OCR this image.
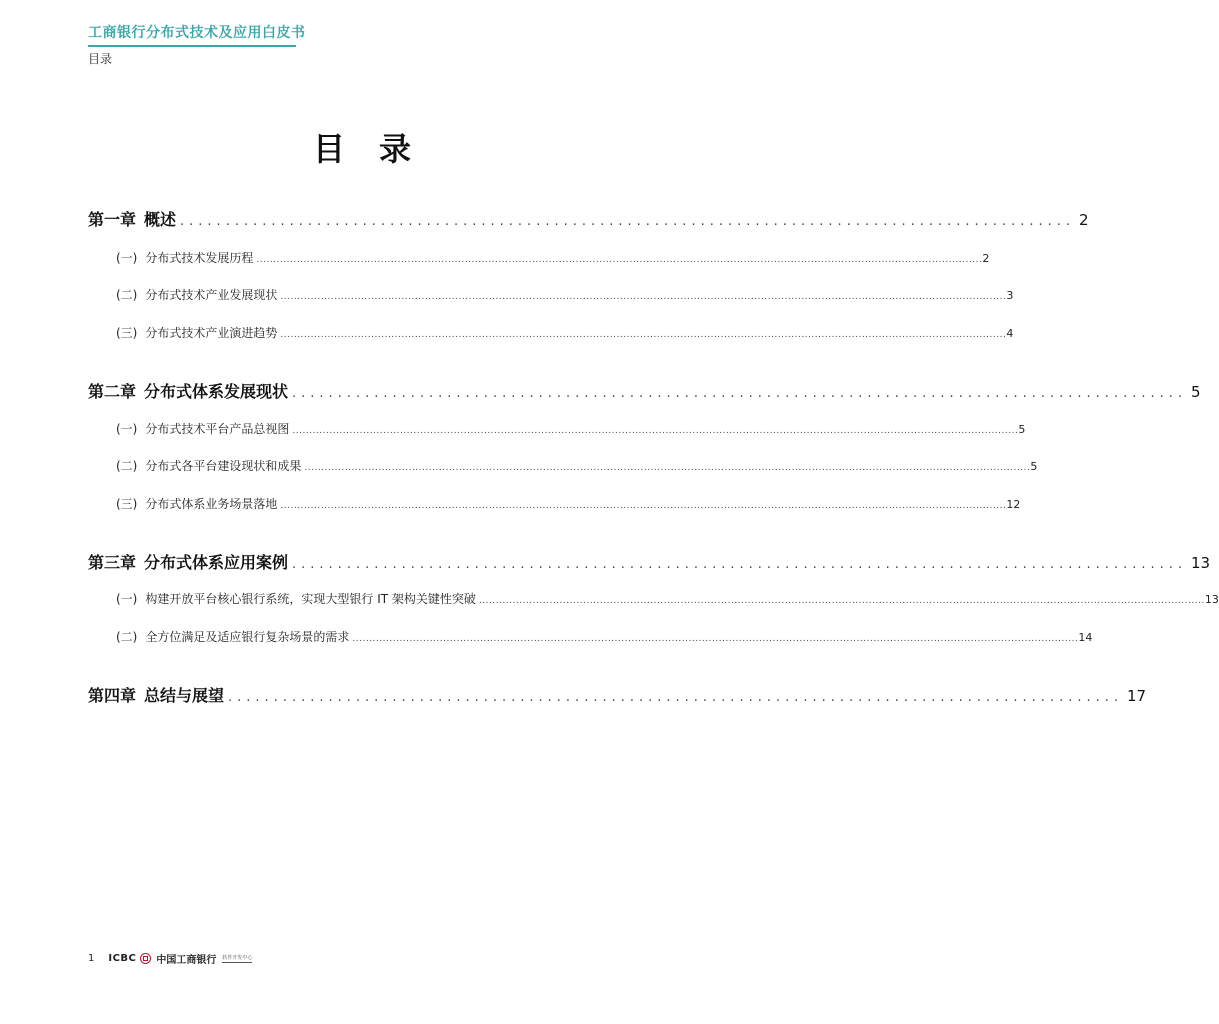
工商银行分布式技术及应用白皮书
目录
目录
第一章 概述 .................................................................................................. 2
(一) 分布式技术发展历程 ........................................................................................................................................................................................................................ 2
(二) 分布式技术产业发展现状 ........................................................................................................................................................................................................................ 3
(三) 分布式技术产业演进趋势 ........................................................................................................................................................................................................................ 4
第二章 分布式体系发展现状 .................................................................................................. 5
(一) 分布式技术平台产品总视图 ........................................................................................................................................................................................................................ 5
(二) 分布式各平台建设现状和成果 ........................................................................................................................................................................................................................ 5
(三) 分布式体系业务场景落地 ........................................................................................................................................................................................................................ 12
第三章 分布式体系应用案例 .................................................................................................. 13
(一) 构建开放平台核心银行系统，实现大型银行 IT 架构关键性突破 ........................................................................................................................................................................................................................ 13
(二) 全方位满足及适应银行复杂场景的需求 ........................................................................................................................................................................................................................ 14
第四章 总结与展望 .................................................................................................. 17
1 ICBC 中国工商银行 软件开发中心
